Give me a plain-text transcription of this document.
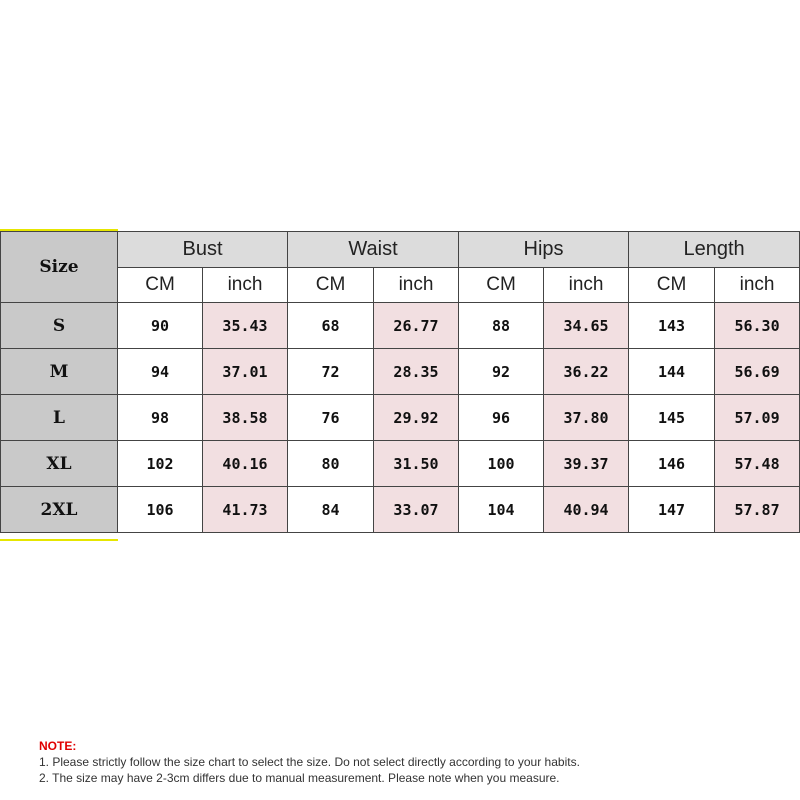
Size	Bust		Waist		Hips		Length	
	CM	inch	CM	inch	CM	inch	CM	inch
S	90	35.43	68	26.77	88	34.65	143	56.30
M	94	37.01	72	28.35	92	36.22	144	56.69
L	98	38.58	76	29.92	96	37.80	145	57.09
XL	102	40.16	80	31.50	100	39.37	146	57.48
2XL	106	41.73	84	33.07	104	40.94	147	57.87
NOTE:
1. Please strictly follow the size chart to select the size. Do not select directly according to your habits.
2. The size may have 2-3cm differs due to manual measurement. Please note when you measure.
